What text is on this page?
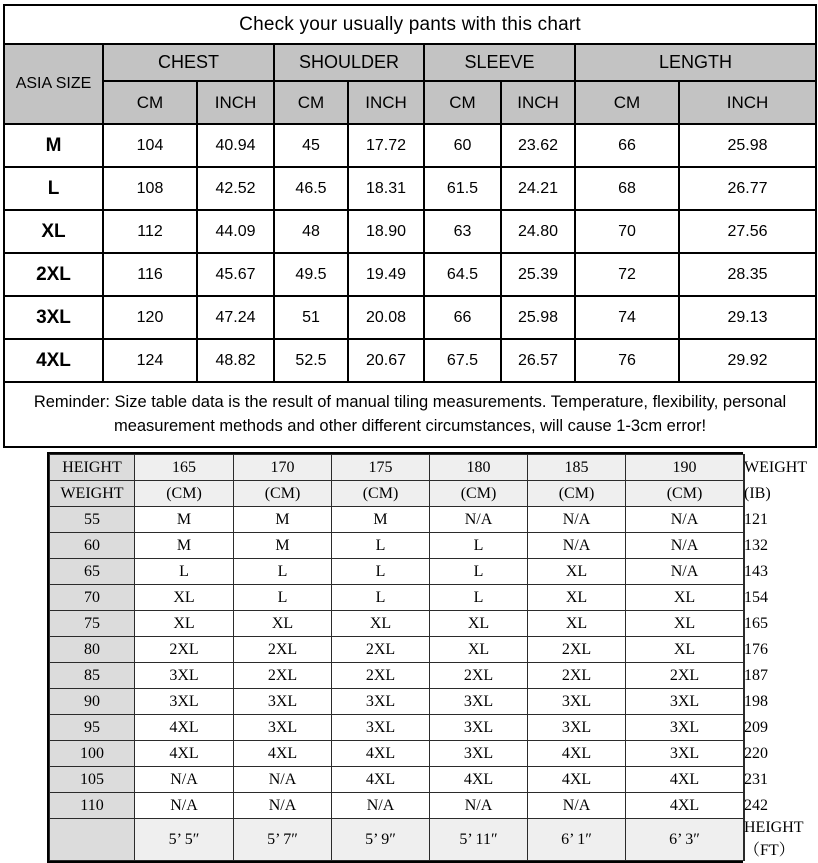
Check your usually pants with this chart								
ASIA SIZE	CHEST		SHOULDER		SLEEVE		LENGTH	
	CM	INCH	CM	INCH	CM	INCH	CM	INCH
M	104	40.94	45	17.72	60	23.62	66	25.98
L	108	42.52	46.5	18.31	61.5	24.21	68	26.77
XL	112	44.09	48	18.90	63	24.80	70	27.56
2XL	116	45.67	49.5	19.49	64.5	25.39	72	28.35
3XL	120	47.24	51	20.08	66	25.98	74	29.13
4XL	124	48.82	52.5	20.67	67.5	26.57	76	29.92
Reminder: Size table data is the result of manual tiling measurements. Temperature, flexibility, personal measurement methods and other different circumstances, will cause 1-3cm error!								
HEIGHT	165	170	175	180	185	190	WEIGHT
WEIGHT	(CM)	(CM)	(CM)	(CM)	(CM)	(CM)	(IB)
55	M	M	M	N/A	N/A	N/A	121
60	M	M	L	L	N/A	N/A	132
65	L	L	L	L	XL	N/A	143
70	XL	L	L	L	XL	XL	154
75	XL	XL	XL	XL	XL	XL	165
80	2XL	2XL	2XL	XL	2XL	XL	176
85	3XL	2XL	2XL	2XL	2XL	2XL	187
90	3XL	3XL	3XL	3XL	3XL	3XL	198
95	4XL	3XL	3XL	3XL	3XL	3XL	209
100	4XL	4XL	4XL	3XL	4XL	3XL	220
105	N/A	N/A	4XL	4XL	4XL	4XL	231
110	N/A	N/A	N/A	N/A	N/A	4XL	242
	5’ 5″	5’ 7″	5’ 9″	5’ 11″	6’ 1″	6’ 3″	HEIGHT（FT）
